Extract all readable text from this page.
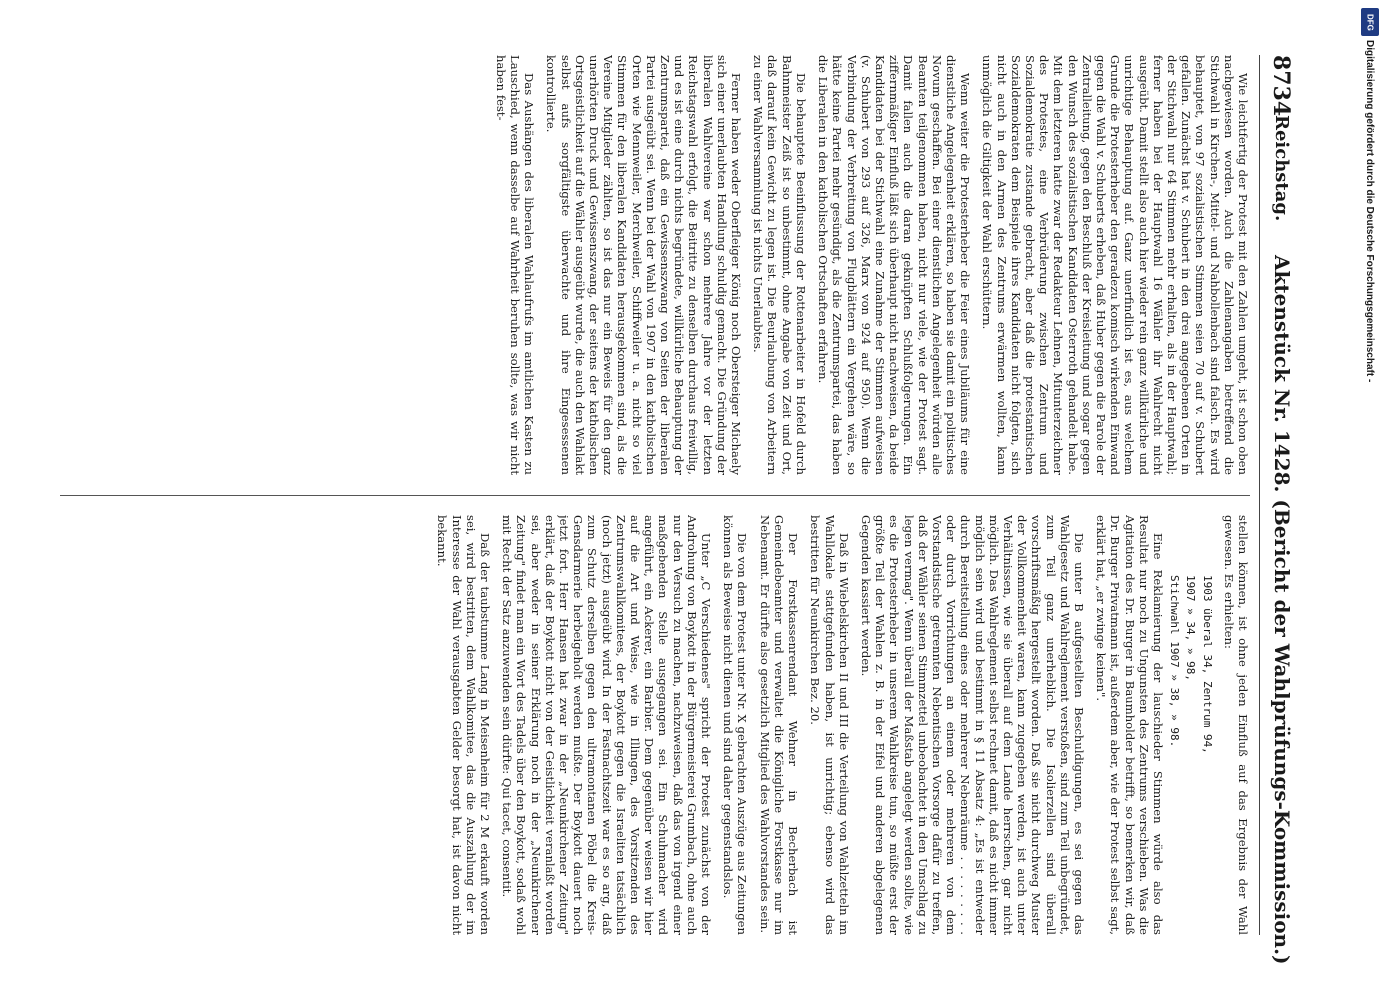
8734
Reichstag.
Aktenstück Nr. 1428. (Bericht der Wahlprüfungs-Kommission.)

Wie leichtfertig der Protest mit den Zahlen umgeht, ist schon oben nachgewiesen worden. Auch die Zahlenangaben betreffend die Stichwahl in Kirchen-, Mittel- und Nahbollenbach sind falsch. Es wird behauptet, von 97 sozialistischen Stimmen seien 70 auf v. Schubert gefallen. Zunächst hat v. Schubert in den drei angegebenen Orten in der Stichwahl nur 64 Stimmen mehr erhalten, als in der Hauptwahl; ferner haben bei der Hauptwahl 16 Wähler ihr Wahlrecht nicht ausgeübt. Damit stellt also auch hier wieder rein ganz willkürliche und unrichtige Behauptung auf. Ganz unerfindlich ist es, aus welchem Grunde die Protesterheber den geradezu komisch wirkenden Einwand gegen die Wahl v. Schuberts erheben, daß Huber gegen die Parole der Zentralleitung, gegen den Beschluß der Kreisleitung und sogar gegen den Wunsch des sozialistischen Kandidaten Osterroth gehandelt habe. Mit dem letzteren hatte zwar der Redakteur Lehnen, Mitunterzeichner des Protestes, eine Verbrüderung zwischen Zentrum und Sozialdemokratie zustande gebracht, aber daß die protestantischen Sozialdemokraten dem Beispiele ihres Kandidaten nicht folgten, sich nicht auch in den Armen des Zentrums erwärmen wollten, kann unmöglich die Giltigkeit der Wahl erschüttern.

Wenn weiter die Protesterheber die Feier eines Jubiläums für eine dienstliche Angelegenheit erklären, so haben sie damit ein politisches Novum geschaffen. Bei einer dienstlichen Angelegenheit würden alle Beamten teilgenommen haben, nicht nur viele, wie der Protest sagt. Damit fallen auch die daran geknüpften Schlußfolgerungen. Ein ziffernmäßiger Einfluß läßt sich überhaupt nicht nachweisen, da beide Kandidaten bei der Stichwahl eine Zunahme der Stimmen aufweisen (v. Schubert von 293 auf 326, Marx von 924 auf 950). Wenn die Verbindung der Verbreitung von Flugblättern ein Vergehen wäre, so hätte keine Partei mehr gesündigt, als die Zentrumspartei, das haben die Liberalen in den katholischen Ortschaften erfahren.

Die behauptete Beeinflussung der Rottenarbeiter in Hofeld durch Bahnmeister Zeiß ist so unbestimmt, ohne Angabe von Zeit und Ort, daß darauf kein Gewicht zu legen ist. Die Beurlaubung von Arbeitern zu einer Wahlversammlung ist nichts Unerlaubtes.

Ferner haben weder Oberfleiger König noch Obersteiger Michaely sich einer unerlaubten Handlung schuldig gemacht. Die Gründung der liberalen Wahlvereine war schon mehrere Jahre vor der letzten Reichstagswahl erfolgt, die Beitritte zu denselben durchaus freiwillig, und es ist eine durch nichts begründete, willkürliche Behauptung der Zentrumspartei, daß ein Gewissenszwang von Seiten der liberalen Partei ausgeübt sei. Wenn bei der Wahl von 1907 in den katholischen Orten wie Mennweiler, Merchweiler, Schiffweiler u. a. nicht so viel Stimmen für den liberalen Kandidaten herausgekommen sind, als die Vereine Mitglieder zählten, so ist das nur ein Beweis für den ganz unerhörten Druck und Gewissenszwang, der seitens der katholischen Ortsgeistlichkeit auf die Wähler ausgeübt wurde, die auch den Wahlakt selbst aufs sorgfältigste überwachte und ihre Eingesessenen kontrollierte.

Das Aushängen des liberalen Wahlaufrufs im amtlichen Kasten zu Lauschied, wenn dasselbe auf Wahrheit beruhen sollte, was wir nicht haben fest-

stellen können, ist ohne jeden Einfluß auf das Ergebnis der Wahl gewesen. Es erhielten:

1903 überal 34, Zentrum 94,

1907 » 34, » 98,

Stichwahl 1907 » 38, » 98.

Eine Reklamierung der lauschieder Stimmen würde also das Resultat nur noch zu Ungunsten des Zentrums verschieben. Was die Agitation des Dr. Burger in Baumholder betrifft, so bemerken wir, daß Dr. Burger Privatmann ist, außerdem aber, wie der Protest selbst sagt, erklärt hat, „er zwinge keinen".

Die unter B aufgestellten Beschuldigungen, es sei gegen das Wahlgesetz und Wahlreglement verstoßen, sind zum Teil unbegründet, zum Teil ganz unerheblich. Die Isolierzellen sind überall vorschriftsmäßig hergestellt worden. Daß sie nicht durchweg Muster der Vollkommenheit waren, kann zugegeben werden, ist auch unter Verhältnissen, wie sie überall auf dem Lande herrschen, gar nicht möglich. Das Wahlreglement selbst rechnet damit, daß es nicht immer möglich sein wird und bestimmt in § 11 Absatz 4: „Es ist entweder durch Bereitstellung eines oder mehrerer Nebenräume . . . . . . . . . oder durch Vorrichtungen an einem oder mehreren von dem Vorstandstische getrennten Nebentischen Vorsorge dafür zu treffen, daß der Wähler seinen Stimmzettel unbeobachtet in den Umschlag zu legen vermag". Wenn überall der Maßstab angelegt werden sollte, wie es die Protesterheber in unserem Wahlkreise tun, so müßte erst der größte Teil der Wahlen z. B. in der Eifel und anderen abgelegenen Gegenden kassiert werden.

Daß in Wiebelskirchen II und III die Verteilung von Wahlzetteln im Wahllokale stattgefunden haben, ist unrichtig; ebenso wird das bestritten für Neunkirchen Bez. 20.

Der Forstkassenrendant Wehner in Becherbach ist Gemeindebeamter und verwaltet die Königliche Forstkasse nur im Nebenamt. Er dürfte also gesetzlich Mitglied des Wahlvorstandes sein.

Die von dem Protest unter Nr. X gebrachten Auszüge aus Zeitungen können als Beweise nicht dienen und sind daher gegenstandslos.

Unter „C Verschiedenes" spricht der Protest zunächst von der Androhung von Boykott in der Bürgermeisterei Grumbach, ohne auch nur den Versuch zu machen, nachzuweisen, daß das von irgend einer maßgebenden Stelle ausgegangen sei. Ein Schuhmacher wird angeführt, ein Ackerer, ein Barbier. Dem gegenüber weisen wir hier auf die Art und Weise, wie in Illingen, des Vorsitzenden des Zentrumswahlkomitees, der Boykott gegen die Israeliten tatsächlich (noch jetzt) ausgeübt wird. In der Fastnachtszeit war es so arg, daß zum Schutz derselben gegen den ultramontanen Pöbel die Kreis-Gensdarmerie herbeigeholt werden mußte. Der Boykott dauert noch jetzt fort. Herr Hansen hat zwar in der „Neunkirchener Zeitung" erklärt, daß der Boykott nicht von der Geistlichkeit veranlaßt worden sei, aber weder in seiner Erklärung noch in der „Neunkirchener Zeitung" findet man ein Wort des Tadels über den Boykott, sodaß wohl mit Recht der Satz anzuwenden sein dürfte: Qui tacet, consentit.

Daß der taubstumme Lang in Meisenheim für 2 M erkauft worden sei, wird bestritten, dem Wahlkomitee, das die Auszahlung der im Interesse der Wahl verausgabten Gelder besorgt hat, ist davon nicht bekannt.

DFG
Digitalisierung gefördert durch die Deutsche Forschungsgemeinschaft -
